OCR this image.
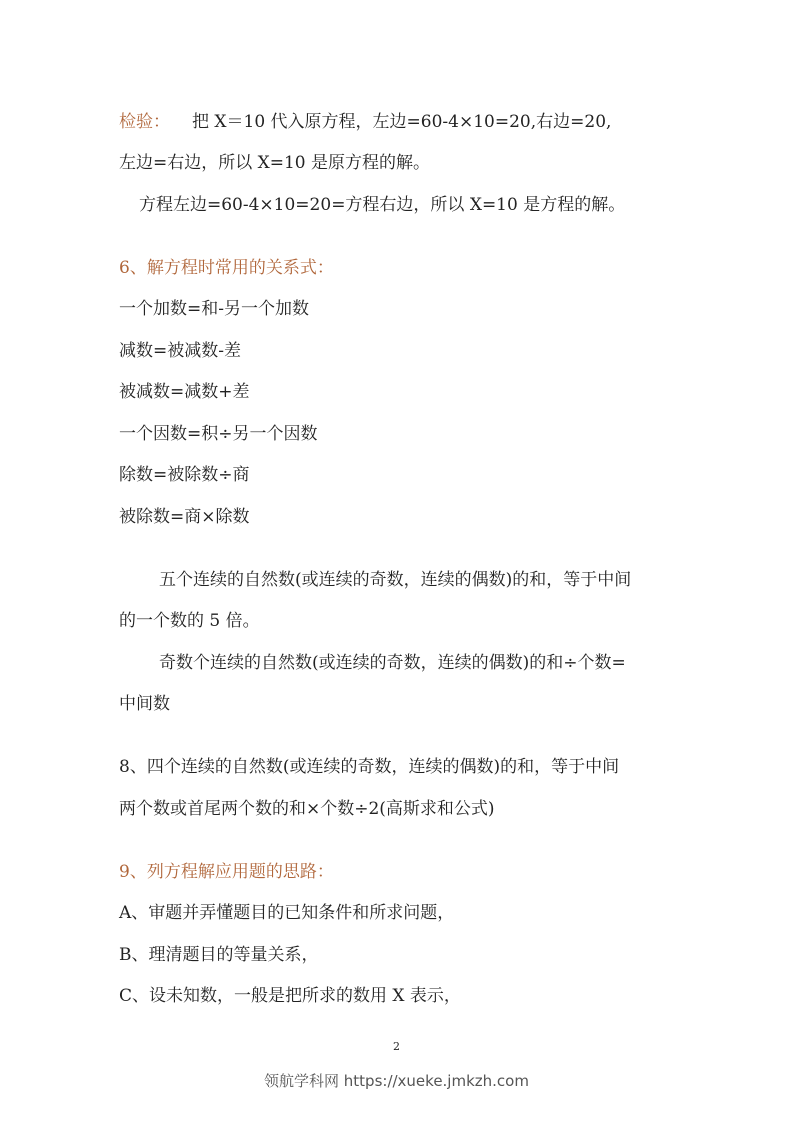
检验： 把 X＝10 代入原方程，左边=60-4×10=20,右边=20,
左边=右边，所以 X=10 是原方程的解。
方程左边=60-4×10=20=方程右边，所以 X=10 是方程的解。
6、解方程时常用的关系式：
一个加数=和-另一个加数
减数=被减数-差
被减数=减数+差
一个因数=积÷另一个因数
除数=被除数÷商
被除数=商×除数
五个连续的自然数(或连续的奇数，连续的偶数)的和，等于中间
的一个数的 5 倍。
奇数个连续的自然数(或连续的奇数，连续的偶数)的和÷个数=
中间数
8、四个连续的自然数(或连续的奇数，连续的偶数)的和，等于中间
两个数或首尾两个数的和×个数÷2(高斯求和公式)
9、列方程解应用题的思路：
A、审题并弄懂题目的已知条件和所求问题，
B、理清题目的等量关系，
C、设未知数，一般是把所求的数用 X 表示，
2
领航学科网 https://xueke.jmkzh.com
